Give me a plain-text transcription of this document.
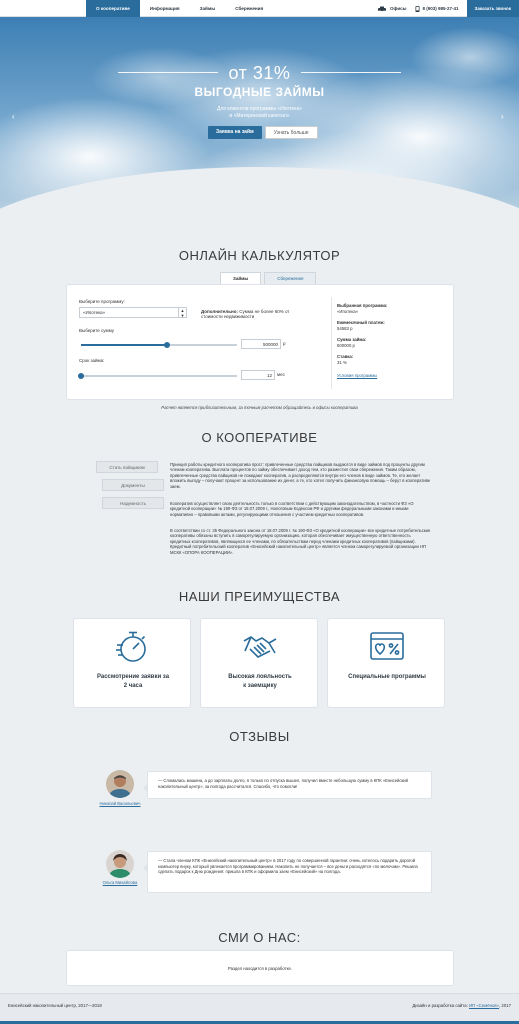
О кооперативе	Информация	Займы	Сбережения	Офисы	8 (903) 985-27-41	Заказать звонок
от 31%
ВЫГОДНЫЕ ЗАЙМЫ
Для клиентов программы «Ипотека»
и «Материнский капитал»
Заявка на займ	Узнать больше
‹	›
ОНЛАЙН КАЛЬКУЛЯТОР
Займы	Сбережения
Выберите программу:
«Ипотека»	▲
▼
Дополнительно: Сумма не более 60% от
стоимости недвижимости
Выберите сумму
500000	р
Срок займа:
12	мес
Выбранная программа:
«Ипотека»
Ежемесячный платеж:
54583 р
Сумма займа:
500000 р
Ставка:
31 %
Условия программы
Расчет является приблизительным, за точным расчетом обращайтесь в офисы кооператива
О КООПЕРАТИВЕ
Стать пайщиком
Документы
Надежность
Принцип работы кредитного кооператива прост: привлеченные средства пайщиков выдаются в виде займов под проценты другим членам кооператива. Выплата процентов по займу обеспечивает доход тем, кто разместил свои сбережения. Таким образом, привлеченные средства пайщиков не покидают кооператив, а распределяются внутри его членов в виде займов. Те, кто желает вложить выгоду – получают процент за использование их денег, а те, кто хотел получить финансовую помощь – берут в кооперативе заем.
Кооператив осуществляет свою деятельность только в соответствии с действующим законодательством, в частности ФЗ «О кредитной кооперации» № 190-ФЗ от 18.07.2009 г., Налоговым Кодексом РФ и другими федеральными законами и иными нормативно – правовыми актами, регулирующими отношения с участием кредитных кооперативов.
В соответствии со ст. 35 Федерального закона от 18.07.2009 г. № 190-ФЗ «О кредитной кооперации» все кредитные потребительские кооперативы обязаны вступить в саморегулируемую организацию, которая обеспечивает имущественную ответственность кредитных кооперативов, являющихся ее членами, по обязательствам перед членами кредитных кооперативов (пайщиками). Кредитный потребительский кооператив «Енисейский накопительный центр» является членом саморегулируемой организации НП МСКК «ОПОРА КООПЕРАЦИИ».
НАШИ ПРЕИМУЩЕСТВА
Рассмотрение заявки за
2 часа
Высокая лояльность
к заемщику
Специальные программы
ОТЗЫВЫ
Николай Васильевич
— Сломалась машина, а до зарплаты долго, я только по отпуска вышел, получил вместе небольшую сумму в КПК «Енисейский накопительный центр», за полгода рассчитался. Спасибо, что помогли!
Ольга Михайлова
— Стала членом КПК «Енисейский накопительный центр» в 2017 году по совершенной гарантии: очень хотелось подарить дорогой компьютер внуку, который увлекается программированием. Накопить не получается – все деньги расходятся «по мелочам». Решила сделать подарок к Дню рождения: пришла в КПК и оформила заем «Енисейский» на полгода.
СМИ О НАС:
Раздел находится в разработке.
Енисейский накопительный центр, 2017—2018	Дизайн и разработка сайта: ИП «Семёнов», 2017
